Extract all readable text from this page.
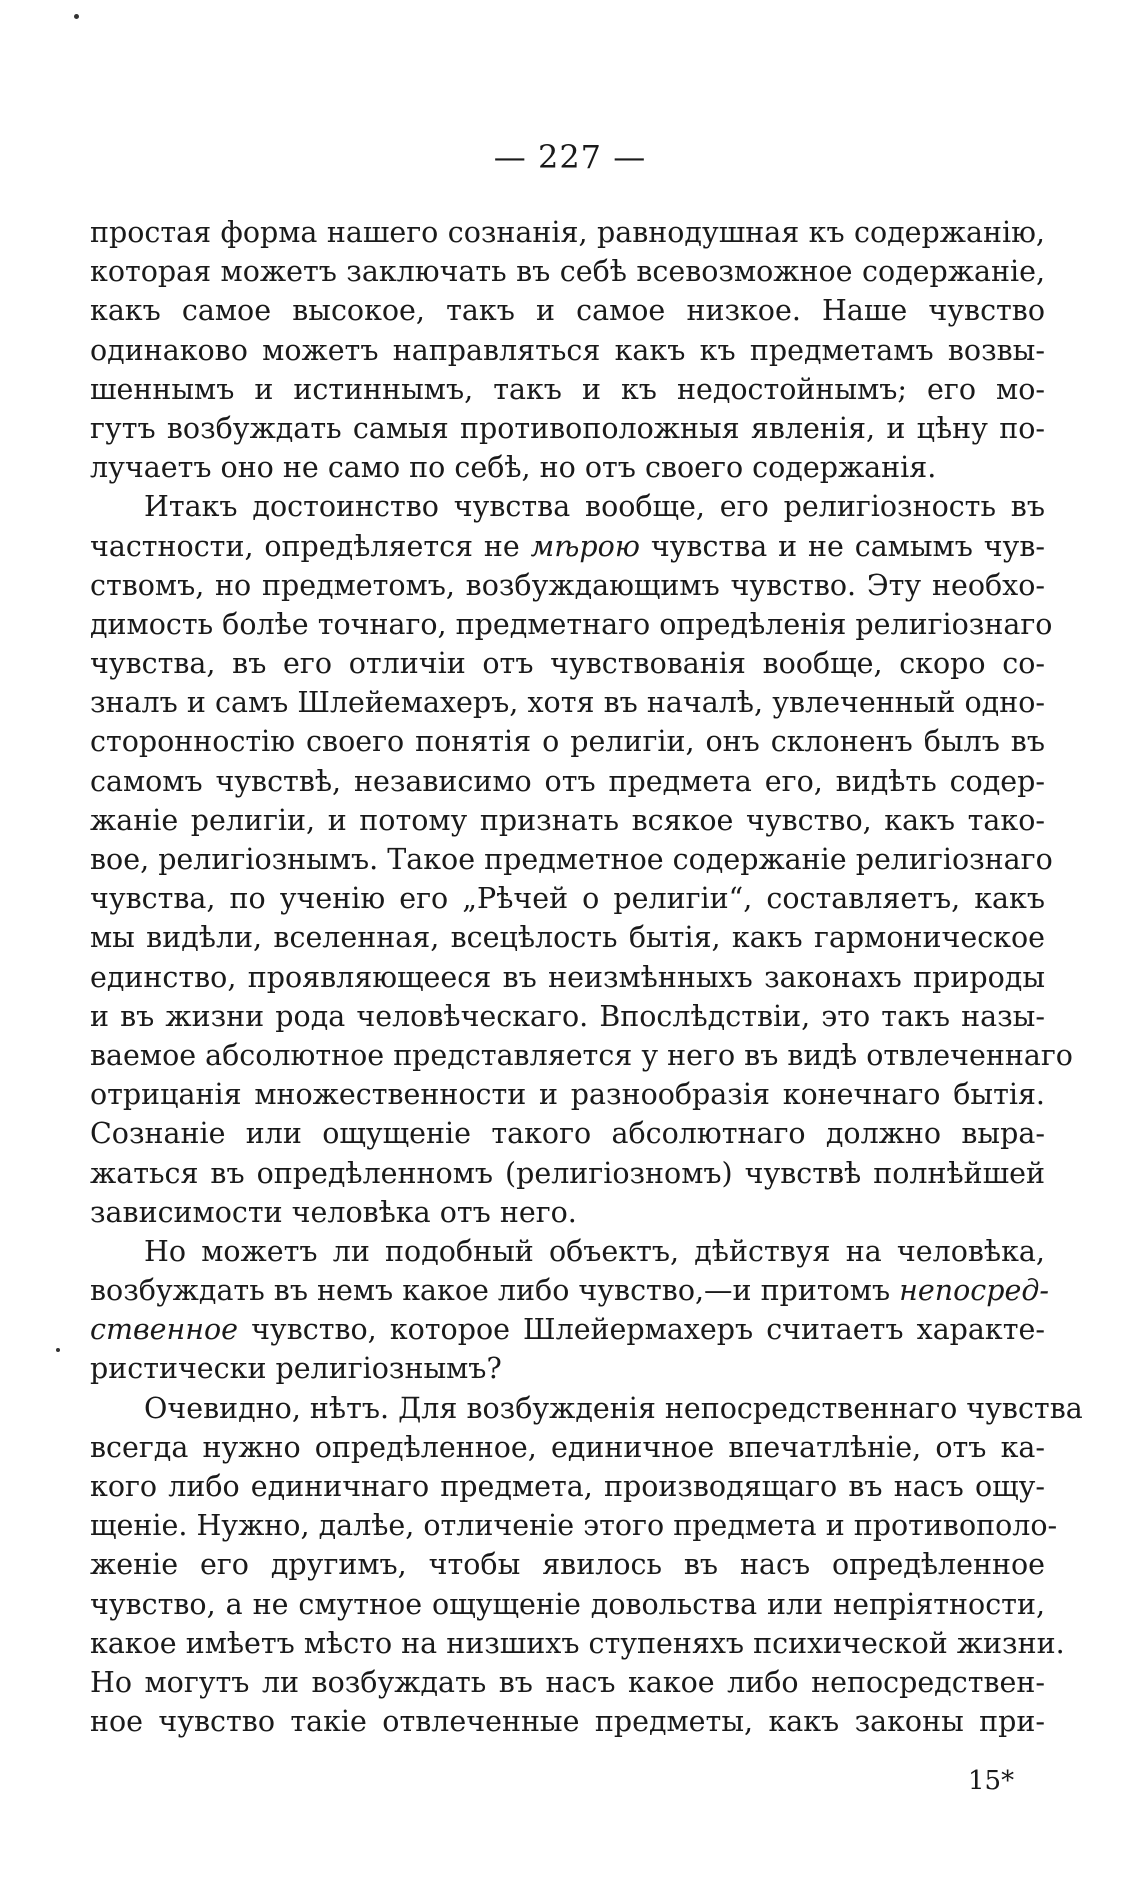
— 227 —
простая форма нашего сознанія, равнодушная къ содержанію,
которая можетъ заключать въ себѣ всевозможное содержаніе,
какъ самое высокое, такъ и самое низкое. Наше чувство
одинаково можетъ направляться какъ къ предметамъ возвы-
шеннымъ и истиннымъ, такъ и къ недостойнымъ; его мо-
гутъ возбуждать самыя противоположныя явленія, и цѣну по-
лучаетъ оно не само по себѣ, но отъ своего содержанія.
Итакъ достоинство чувства вообще, его религіозность въ
частности, опредѣляется не мѣрою чувства и не самымъ чув-
ствомъ, но предметомъ, возбуждающимъ чувство. Эту необхо-
димость болѣе точнаго, предметнаго опредѣленія религіознаго
чувства, въ его отличіи отъ чувствованія вообще, скоро со-
зналъ и самъ Шлейемахеръ, хотя въ началѣ, увлеченный одно-
сторонностію своего понятія о религіи, онъ склоненъ былъ въ
самомъ чувствѣ, независимо отъ предмета его, видѣть содер-
жаніе религіи, и потому признать всякое чувство, какъ тако-
вое, религіознымъ. Такое предметное содержаніе религіознаго
чувства, по ученію его „Рѣчей о религіи“, составляетъ, какъ
мы видѣли, вселенная, всецѣлость бытія, какъ гармоническое
единство, проявляющееся въ неизмѣнныхъ законахъ природы
и въ жизни рода человѣческаго. Впослѣдствіи, это такъ назы-
ваемое абсолютное представляется у него въ видѣ отвлеченнаго
отрицанія множественности и разнообразія конечнаго бытія.
Сознаніе или ощущеніе такого абсолютнаго должно выра-
жаться въ опредѣленномъ (религіозномъ) чувствѣ полнѣйшей
зависимости человѣка отъ него.
Но можетъ ли подобный объектъ, дѣйствуя на человѣка,
возбуждать въ немъ какое либо чувство,—и притомъ непосред-
ственное чувство, которое Шлейермахеръ считаетъ характе-
ристически религіознымъ?
Очевидно, нѣтъ. Для возбужденія непосредственнаго чувства
всегда нужно опредѣленное, единичное впечатлѣніе, отъ ка-
кого либо единичнаго предмета, производящаго въ насъ ощу-
щеніе. Нужно, далѣе, отличеніе этого предмета и противополо-
женіе его другимъ, чтобы явилось въ насъ опредѣленное
чувство, а не смутное ощущеніе довольства или непріятности,
какое имѣетъ мѣсто на низшихъ ступеняхъ психической жизни.
Но могутъ ли возбуждать въ насъ какое либо непосредствен-
ное чувство такіе отвлеченные предметы, какъ законы при-
15*
